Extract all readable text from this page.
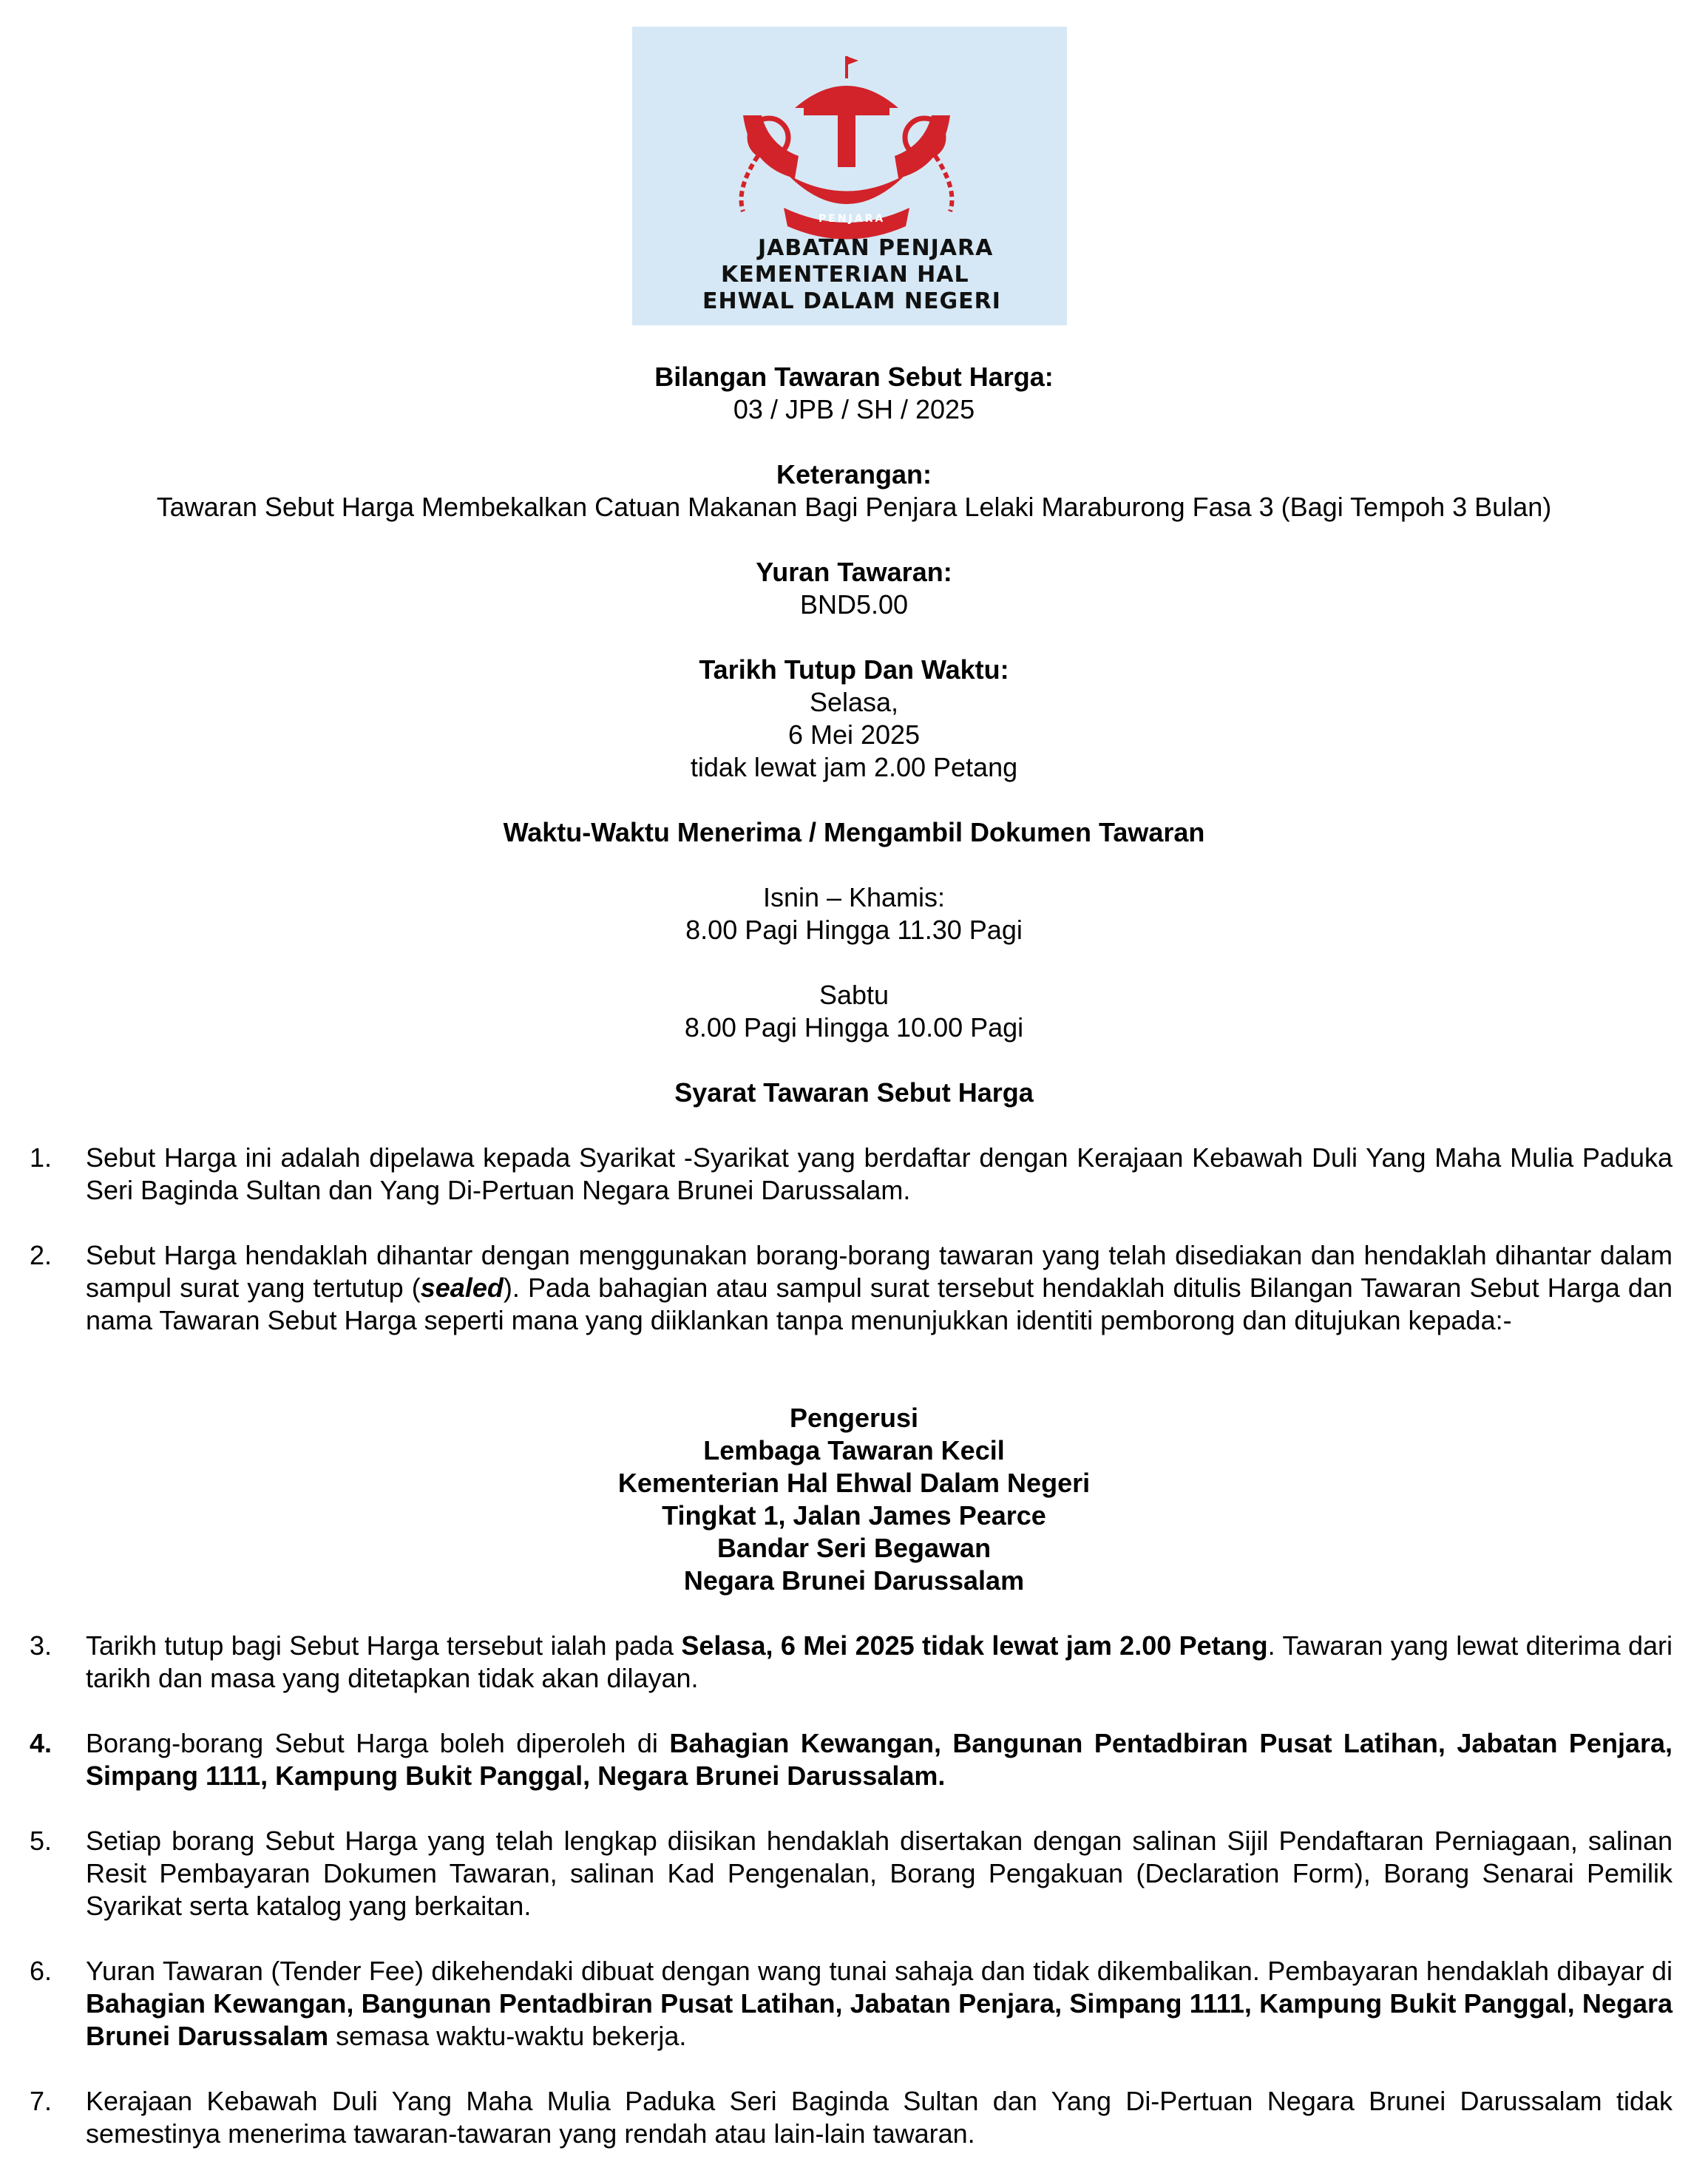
PENJARA
JABATAN PENJARA
KEMENTERIAN HAL
EHWAL DALAM NEGERI
Bilangan Tawaran Sebut Harga:
03 / JPB / SH / 2025
Keterangan:
Tawaran Sebut Harga Membekalkan Catuan Makanan Bagi Penjara Lelaki Maraburong Fasa 3 (Bagi Tempoh 3 Bulan)
Yuran Tawaran:
BND5.00
Tarikh Tutup Dan Waktu:
Selasa,
6 Mei 2025
tidak lewat jam 2.00 Petang
Waktu-Waktu Menerima / Mengambil Dokumen Tawaran
Isnin – Khamis:
8.00 Pagi Hingga 11.30 Pagi
Sabtu
8.00 Pagi Hingga 10.00 Pagi
Syarat Tawaran Sebut Harga
1.	Sebut Harga ini adalah dipelawa kepada Syarikat -Syarikat yang berdaftar dengan Kerajaan Kebawah Duli Yang Maha Mulia Paduka Seri Baginda Sultan dan Yang Di-Pertuan Negara Brunei Darussalam.
2.	Sebut Harga hendaklah dihantar dengan menggunakan borang-borang tawaran yang telah disediakan dan hendaklah dihantar dalam sampul surat yang tertutup (sealed). Pada bahagian atau sampul surat tersebut hendaklah ditulis Bilangan Tawaran Sebut Harga dan nama Tawaran Sebut Harga seperti mana yang diiklankan tanpa menunjukkan identiti pemborong dan ditujukan kepada:-
Pengerusi
Lembaga Tawaran Kecil
Kementerian Hal Ehwal Dalam Negeri
Tingkat 1, Jalan James Pearce
Bandar Seri Begawan
Negara Brunei Darussalam
3.	Tarikh tutup bagi Sebut Harga tersebut ialah pada Selasa, 6 Mei 2025 tidak lewat jam 2.00 Petang. Tawaran yang lewat diterima dari tarikh dan masa yang ditetapkan tidak akan dilayan.
4.	Borang-borang Sebut Harga boleh diperoleh di Bahagian Kewangan, Bangunan Pentadbiran Pusat Latihan, Jabatan Penjara, Simpang 1111, Kampung Bukit Panggal, Negara Brunei Darussalam.
5.	Setiap borang Sebut Harga yang telah lengkap diisikan hendaklah disertakan dengan salinan Sijil Pendaftaran Perniagaan, salinan Resit Pembayaran Dokumen Tawaran, salinan Kad Pengenalan, Borang Pengakuan (Declaration Form), Borang Senarai Pemilik Syarikat serta katalog yang berkaitan.
6.	Yuran Tawaran (Tender Fee) dikehendaki dibuat dengan wang tunai sahaja dan tidak dikembalikan. Pembayaran hendaklah dibayar di Bahagian Kewangan, Bangunan Pentadbiran Pusat Latihan, Jabatan Penjara, Simpang 1111, Kampung Bukit Panggal, Negara Brunei Darussalam semasa waktu-waktu bekerja.
7.	Kerajaan Kebawah Duli Yang Maha Mulia Paduka Seri Baginda Sultan dan Yang Di-Pertuan Negara Brunei Darussalam tidak semestinya menerima tawaran-tawaran yang rendah atau lain-lain tawaran.
